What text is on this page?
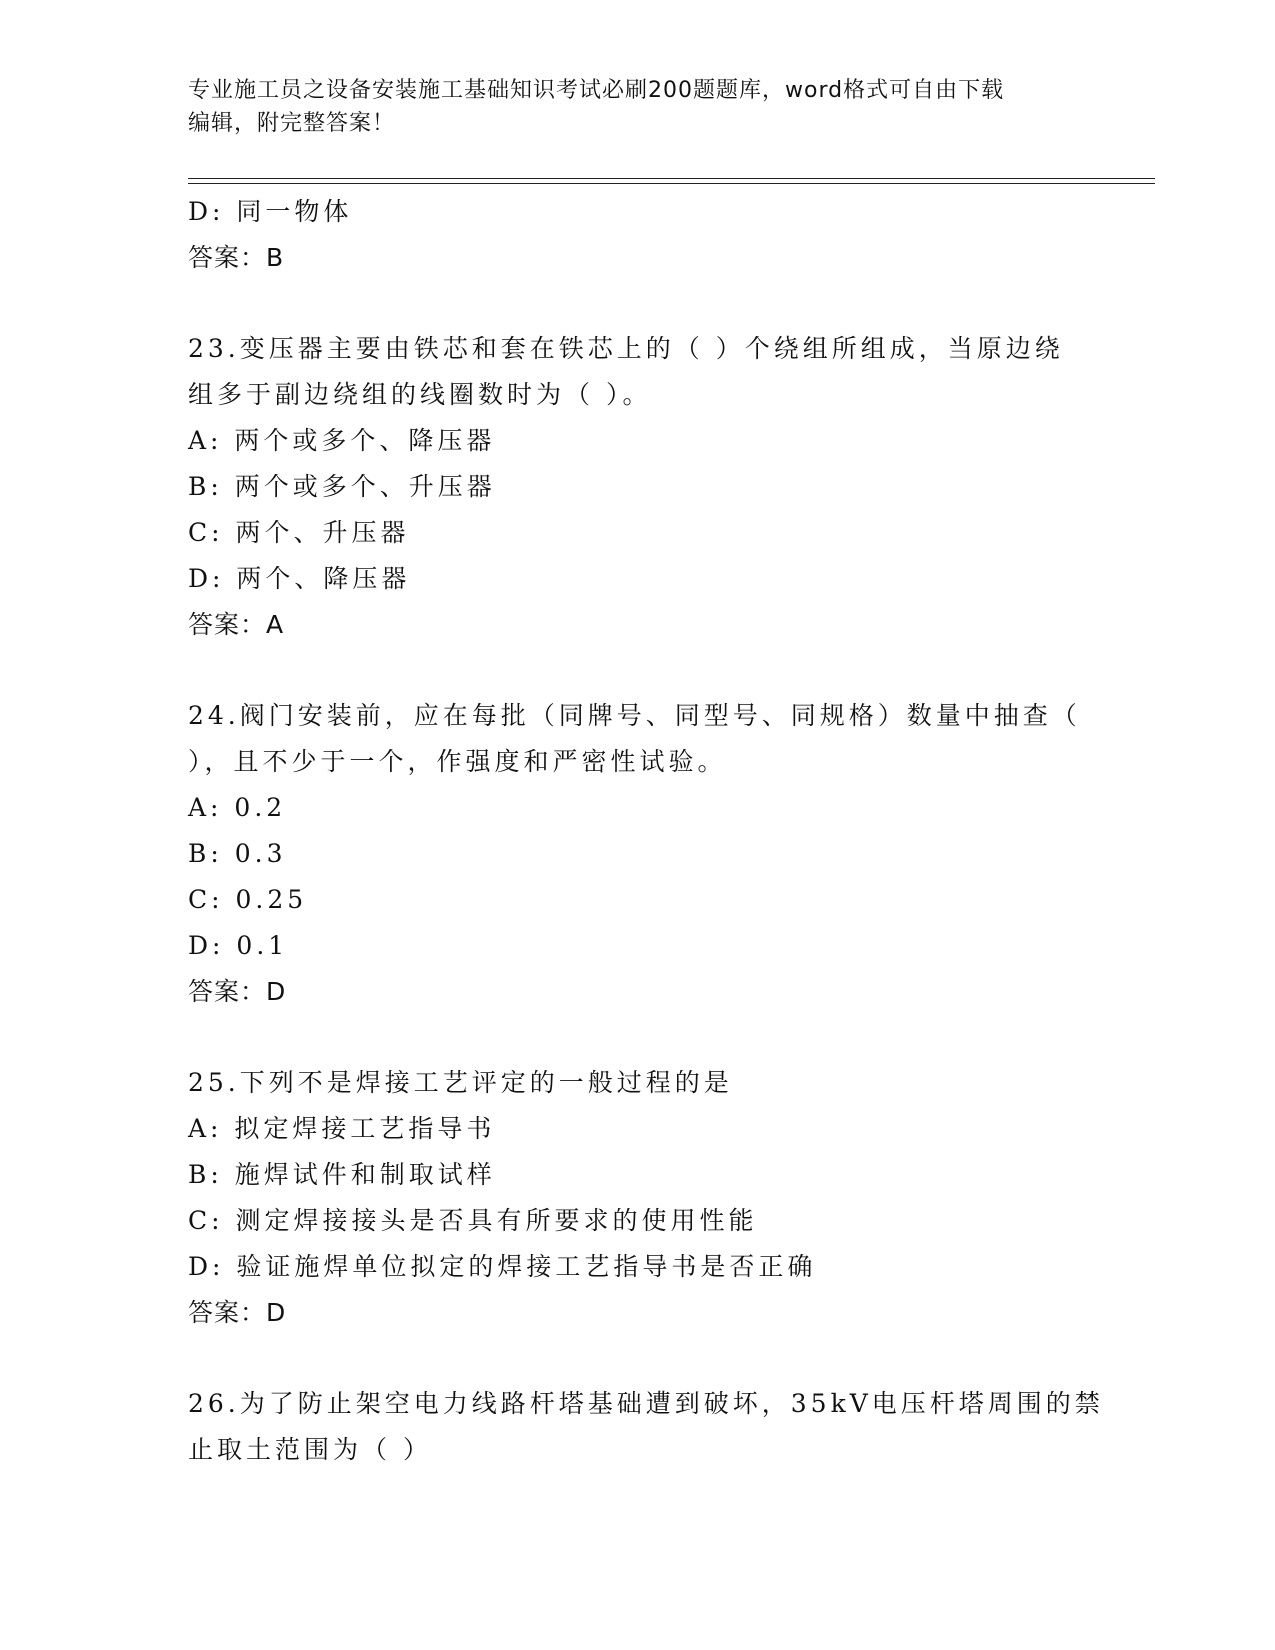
专业施工员之设备安装施工基础知识考试必刷200题题库，word格式可自由下载
编辑，附完整答案！
D: 同一物体
答案：B
23.变压器主要由铁芯和套在铁芯上的（ ）个绕组所组成，当原边绕
组多于副边绕组的线圈数时为（ ）。
A: 两个或多个、降压器
B: 两个或多个、升压器
C: 两个、升压器
D: 两个、降压器
答案：A
24.阀门安装前，应在每批（同牌号、同型号、同规格）数量中抽查（
），且不少于一个，作强度和严密性试验。
A: 0.2
B: 0.3
C: 0.25
D: 0.1
答案：D
25.下列不是焊接工艺评定的一般过程的是
A: 拟定焊接工艺指导书
B: 施焊试件和制取试样
C: 测定焊接接头是否具有所要求的使用性能
D: 验证施焊单位拟定的焊接工艺指导书是否正确
答案：D
26.为了防止架空电力线路杆塔基础遭到破坏，35kV电压杆塔周围的禁
止取土范围为（ ）
